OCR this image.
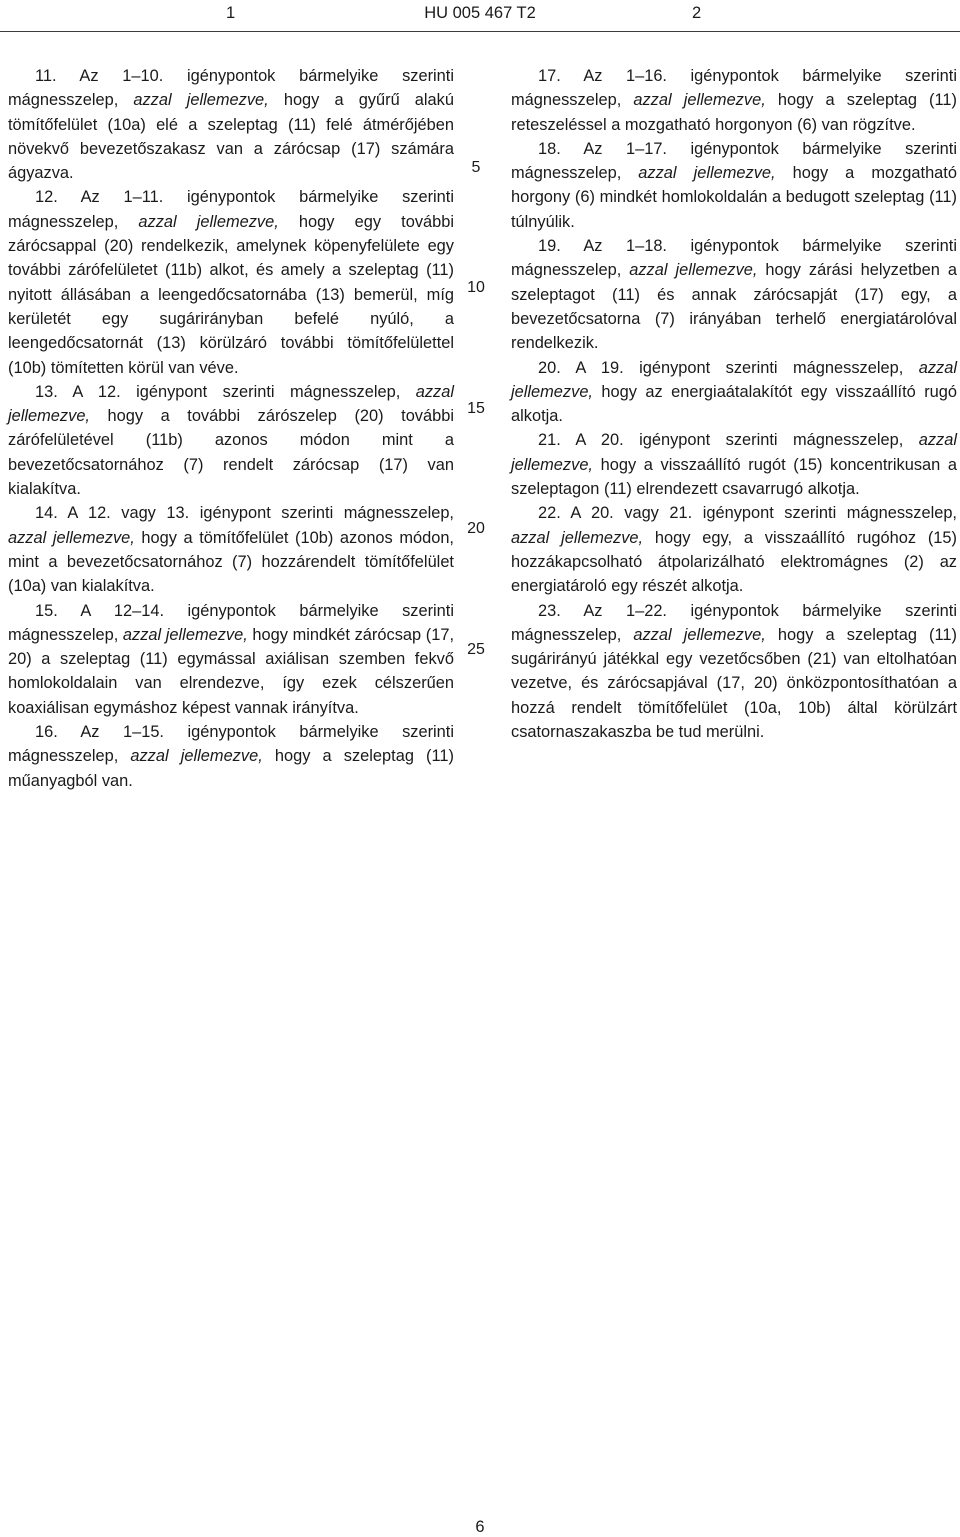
1	HU 005 467 T2	2

11. Az 1–10. igénypontok bármelyike szerinti mágnesszelep, azzal jellemezve, hogy a gyűrű alakú tömítőfelület (10a) elé a szeleptag (11) felé átmérőjében növekvő bevezetőszakasz van a zárócsap (17) számára ágyazva.

12. Az 1–11. igénypontok bármelyike szerinti mágnesszelep, azzal jellemezve, hogy egy további zárócsappal (20) rendelkezik, amelynek köpenyfelülete egy további zárófelületet (11b) alkot, és amely a szeleptag (11) nyitott állásában a leengedőcsatornába (13) bemerül, míg kerületét egy sugárirányban befelé nyúló, a leengedőcsatornát (13) körülzáró további tömítőfelülettel (10b) tömítetten körül van véve.

13. A 12. igénypont szerinti mágnesszelep, azzal jellemezve, hogy a további zárószelep (20) további zárófelületével (11b) azonos módon mint a bevezetőcsatornához (7) rendelt zárócsap (17) van kialakítva.

14. A 12. vagy 13. igénypont szerinti mágnesszelep, azzal jellemezve, hogy a tömítőfelület (10b) azonos módon, mint a bevezetőcsatornához (7) hozzárendelt tömítőfelület (10a) van kialakítva.

15. A 12–14. igénypontok bármelyike szerinti mágnesszelep, azzal jellemezve, hogy mindkét zárócsap (17, 20) a szeleptag (11) egymással axiálisan szemben fekvő homlokoldalain van elrendezve, így ezek célszerűen koaxiálisan egymáshoz képest vannak irányítva.

16. Az 1–15. igénypontok bármelyike szerinti mágnesszelep, azzal jellemezve, hogy a szeleptag (11) műanyagból van.

5
10
15
20
25

17. Az 1–16. igénypontok bármelyike szerinti mágnesszelep, azzal jellemezve, hogy a szeleptag (11) reteszeléssel a mozgatható horgonyon (6) van rögzítve.

18. Az 1–17. igénypontok bármelyike szerinti mágnesszelep, azzal jellemezve, hogy a mozgatható horgony (6) mindkét homlokoldalán a bedugott szeleptag (11) túlnyúlik.

19. Az 1–18. igénypontok bármelyike szerinti mágnesszelep, azzal jellemezve, hogy zárási helyzetben a szeleptagot (11) és annak zárócsapját (17) egy, a bevezetőcsatorna (7) irányában terhelő energiatárolóval rendelkezik.

20. A 19. igénypont szerinti mágnesszelep, azzal jellemezve, hogy az energiaátalakítót egy visszaállító rugó alkotja.

21. A 20. igénypont szerinti mágnesszelep, azzal jellemezve, hogy a visszaállító rugót (15) koncentrikusan a szeleptagon (11) elrendezett csavarrugó alkotja.

22. A 20. vagy 21. igénypont szerinti mágnesszelep, azzal jellemezve, hogy egy, a visszaállító rugóhoz (15) hozzákapcsolható átpolarizálható elektromágnes (2) az energiatároló egy részét alkotja.

23. Az 1–22. igénypontok bármelyike szerinti mágnesszelep, azzal jellemezve, hogy a szeleptag (11) sugárirányú játékkal egy vezetőcsőben (21) van eltolhatóan vezetve, és zárócsapjával (17, 20) önközpontosíthatóan a hozzá rendelt tömítőfelület (10a, 10b) által körülzárt csatornaszakaszba be tud merülni.

6
